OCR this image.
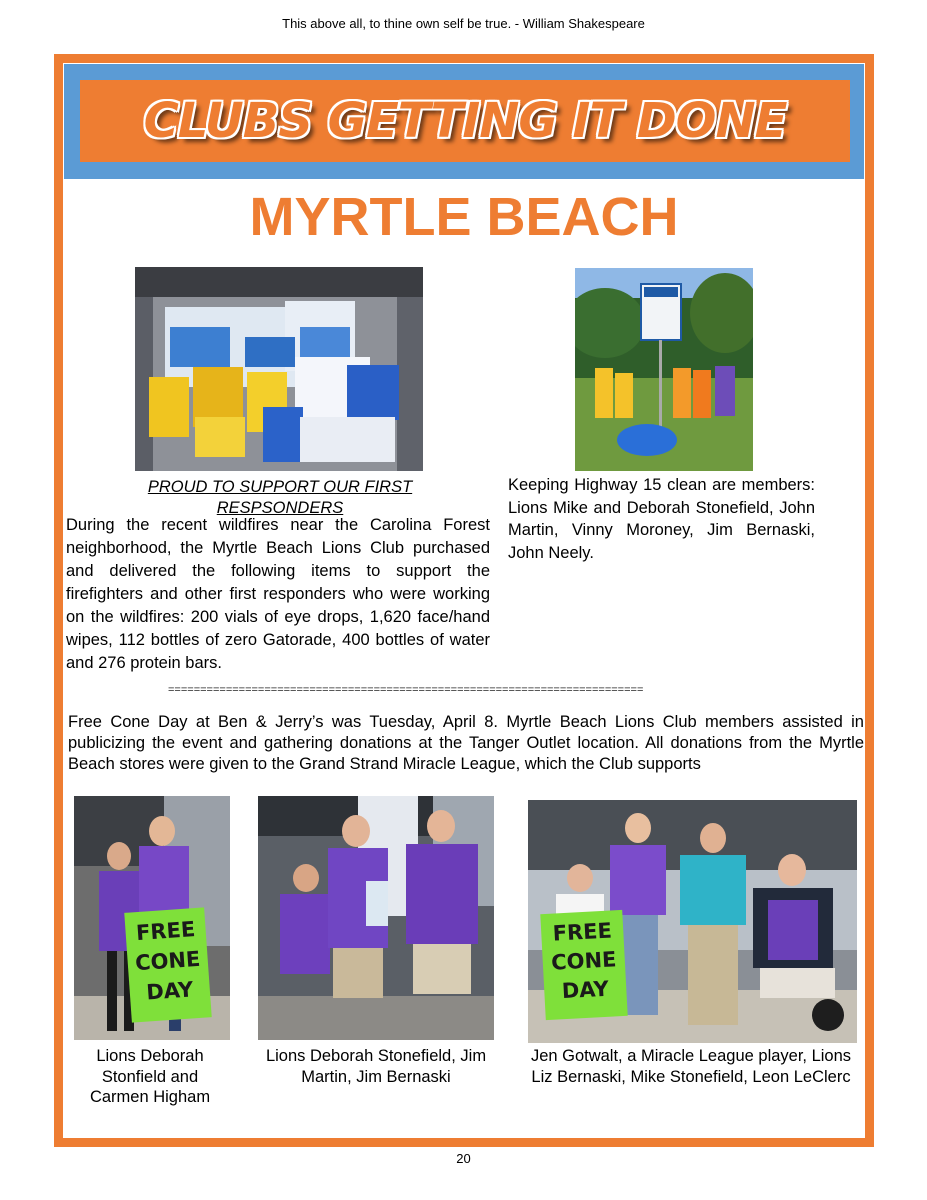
This above all, to thine own self be true. - William Shakespeare
CLUBS GETTING IT DONE
MYRTLE BEACH
PROUD TO SUPPORT OUR FIRST RESPSONDERS
During the recent wildfires near the Carolina Forest neighborhood, the Myrtle Beach Lions Club purchased and delivered the following items to support the firefighters and other first responders who were working on the wildfires: 200 vials of eye drops, 1,620 face/hand wipes, 112 bottles of zero Gatorade, 400 bottles of water and 276 protein bars.
Keeping Highway 15 clean are members: Lions Mike and Deborah Stonefield, John Martin, Vinny Moroney, Jim Bernaski, John Neely.
==========================================================================
Free Cone Day at Ben & Jerry’s was Tuesday, April 8. Myrtle Beach Lions Club members assisted in publicizing the event and gathering donations at the Tanger Outlet location. All donations from the Myrtle Beach stores were given to the Grand Strand Miracle League, which the Club supports
FREE
CONE
DAY
FREE
CONE
DAY
Lions Deborah Stonfield and Carmen Higham
Lions Deborah Stonefield, Jim Martin, Jim Bernaski
Jen Gotwalt, a Miracle League player, Lions Liz Bernaski, Mike Stonefield, Leon LeClerc
20
